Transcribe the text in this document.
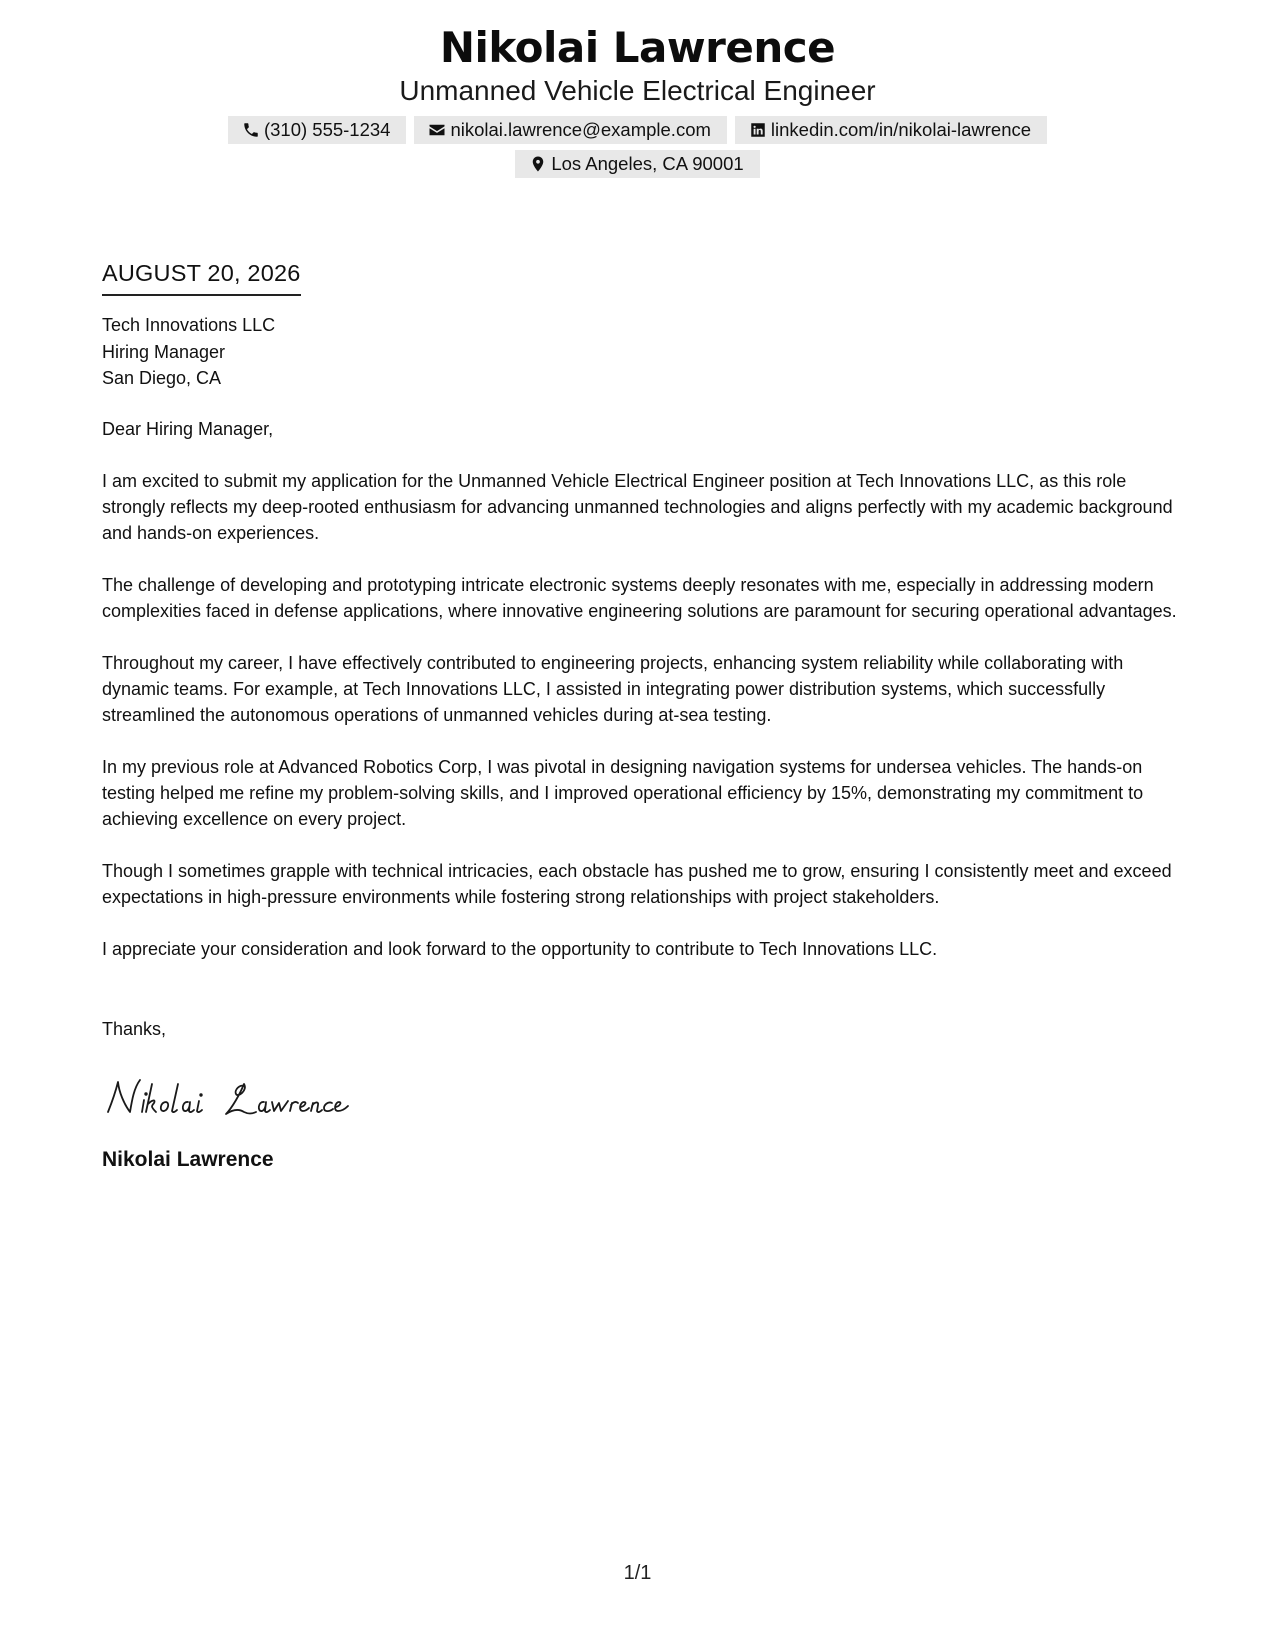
Nikolai Lawrence
Unmanned Vehicle Electrical Engineer
(310) 555-1234	nikolai.lawrence@example.com	linkedin.com/in/nikolai-lawrence
Los Angeles, CA 90001
AUGUST 20, 2026
Tech Innovations LLC
Hiring Manager
San Diego, CA
Dear Hiring Manager,
I am excited to submit my application for the Unmanned Vehicle Electrical Engineer position at Tech Innovations LLC, as this role strongly reflects my deep-rooted enthusiasm for advancing unmanned technologies and aligns perfectly with my academic background and hands-on experiences.
The challenge of developing and prototyping intricate electronic systems deeply resonates with me, especially in addressing modern complexities faced in defense applications, where innovative engineering solutions are paramount for securing operational advantages.
Throughout my career, I have effectively contributed to engineering projects, enhancing system reliability while collaborating with dynamic teams. For example, at Tech Innovations LLC, I assisted in integrating power distribution systems, which successfully streamlined the autonomous operations of unmanned vehicles during at-sea testing.
In my previous role at Advanced Robotics Corp, I was pivotal in designing navigation systems for undersea vehicles. The hands-on testing helped me refine my problem-solving skills, and I improved operational efficiency by 15%, demonstrating my commitment to achieving excellence on every project.
Though I sometimes grapple with technical intricacies, each obstacle has pushed me to grow, ensuring I consistently meet and exceed expectations in high-pressure environments while fostering strong relationships with project stakeholders.
I appreciate your consideration and look forward to the opportunity to contribute to Tech Innovations LLC.
Thanks,
Nikolai Lawrence
1/1
